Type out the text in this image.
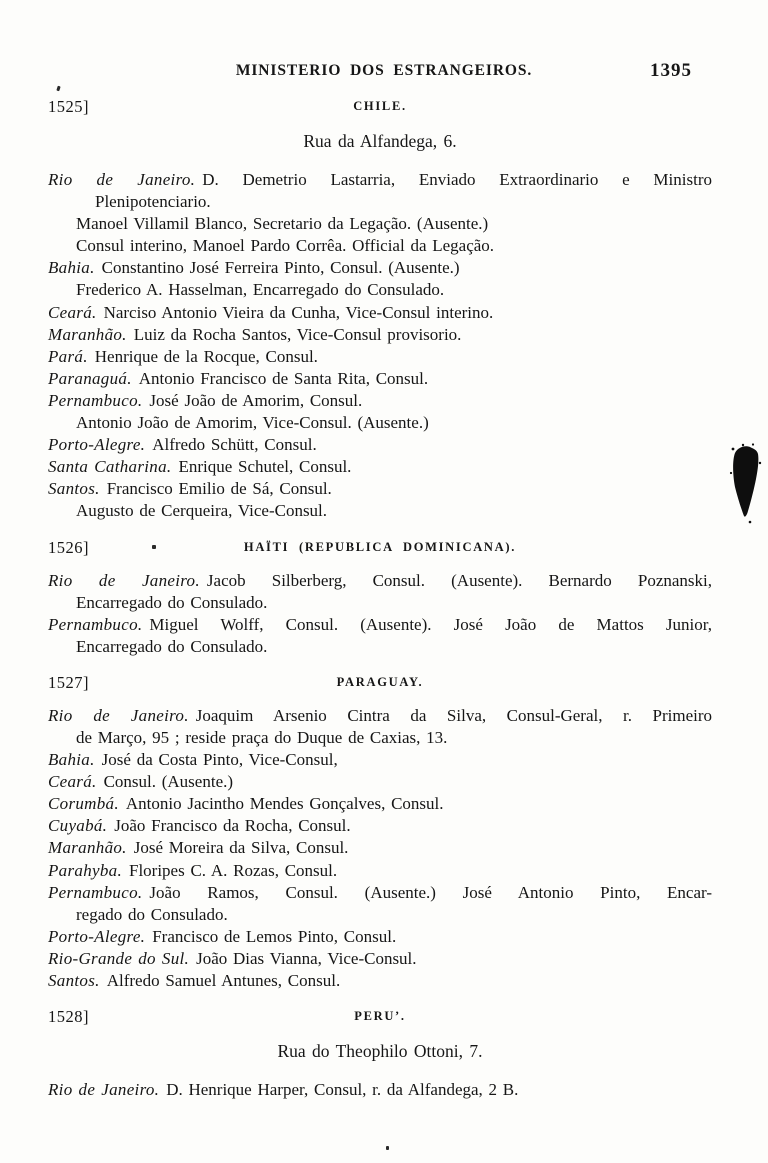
MINISTERIO DOS ESTRANGEIROS.	1395
1525]	CHILE.

Rua da Alfandega, 6.

Rio de Janeiro. D. Demetrio Lastarria, Enviado Extraordinario e Ministro

Plenipotenciario.

Manoel Villamil Blanco, Secretario da Legação. (Ausente.)

Consul interino, Manoel Pardo Corrêa. Official da Legação.

Bahia. Constantino José Ferreira Pinto, Consul. (Ausente.)

Frederico A. Hasselman, Encarregado do Consulado.

Ceará. Narciso Antonio Vieira da Cunha, Vice-Consul interino.

Maranhão. Luiz da Rocha Santos, Vice-Consul provisorio.

Pará. Henrique de la Rocque, Consul.

Paranaguá. Antonio Francisco de Santa Rita, Consul.

Pernambuco. José João de Amorim, Consul.

Antonio João de Amorim, Vice-Consul. (Ausente.)

Porto-Alegre. Alfredo Schütt, Consul.

Santa Catharina. Enrique Schutel, Consul.

Santos. Francisco Emilio de Sá, Consul.

Augusto de Cerqueira, Vice-Consul.

1526]	HAÏTI (REPUBLICA DOMINICANA).

Rio de Janeiro. Jacob Silberberg, Consul. (Ausente). Bernardo Poznanski,

Encarregado do Consulado.

Pernambuco. Miguel Wolff, Consul. (Ausente). José João de Mattos Junior,

Encarregado do Consulado.

1527]	PARAGUAY.

Rio de Janeiro. Joaquim Arsenio Cintra da Silva, Consul-Geral, r. Primeiro

de Março, 95 ; reside praça do Duque de Caxias, 13.

Bahia. José da Costa Pinto, Vice-Consul,

Ceará. Consul. (Ausente.)

Corumbá. Antonio Jacintho Mendes Gonçalves, Consul.

Cuyabá. João Francisco da Rocha, Consul.

Maranhão. José Moreira da Silva, Consul.

Parahyba. Floripes C. A. Rozas, Consul.

Pernambuco. João Ramos, Consul. (Ausente.) José Antonio Pinto, Encar-

regado do Consulado.

Porto-Alegre. Francisco de Lemos Pinto, Consul.

Rio-Grande do Sul. João Dias Vianna, Vice-Consul.

Santos. Alfredo Samuel Antunes, Consul.

1528]	PERU’.

Rua do Theophilo Ottoni, 7.

Rio de Janeiro. D. Henrique Harper, Consul, r. da Alfandega, 2 B.
